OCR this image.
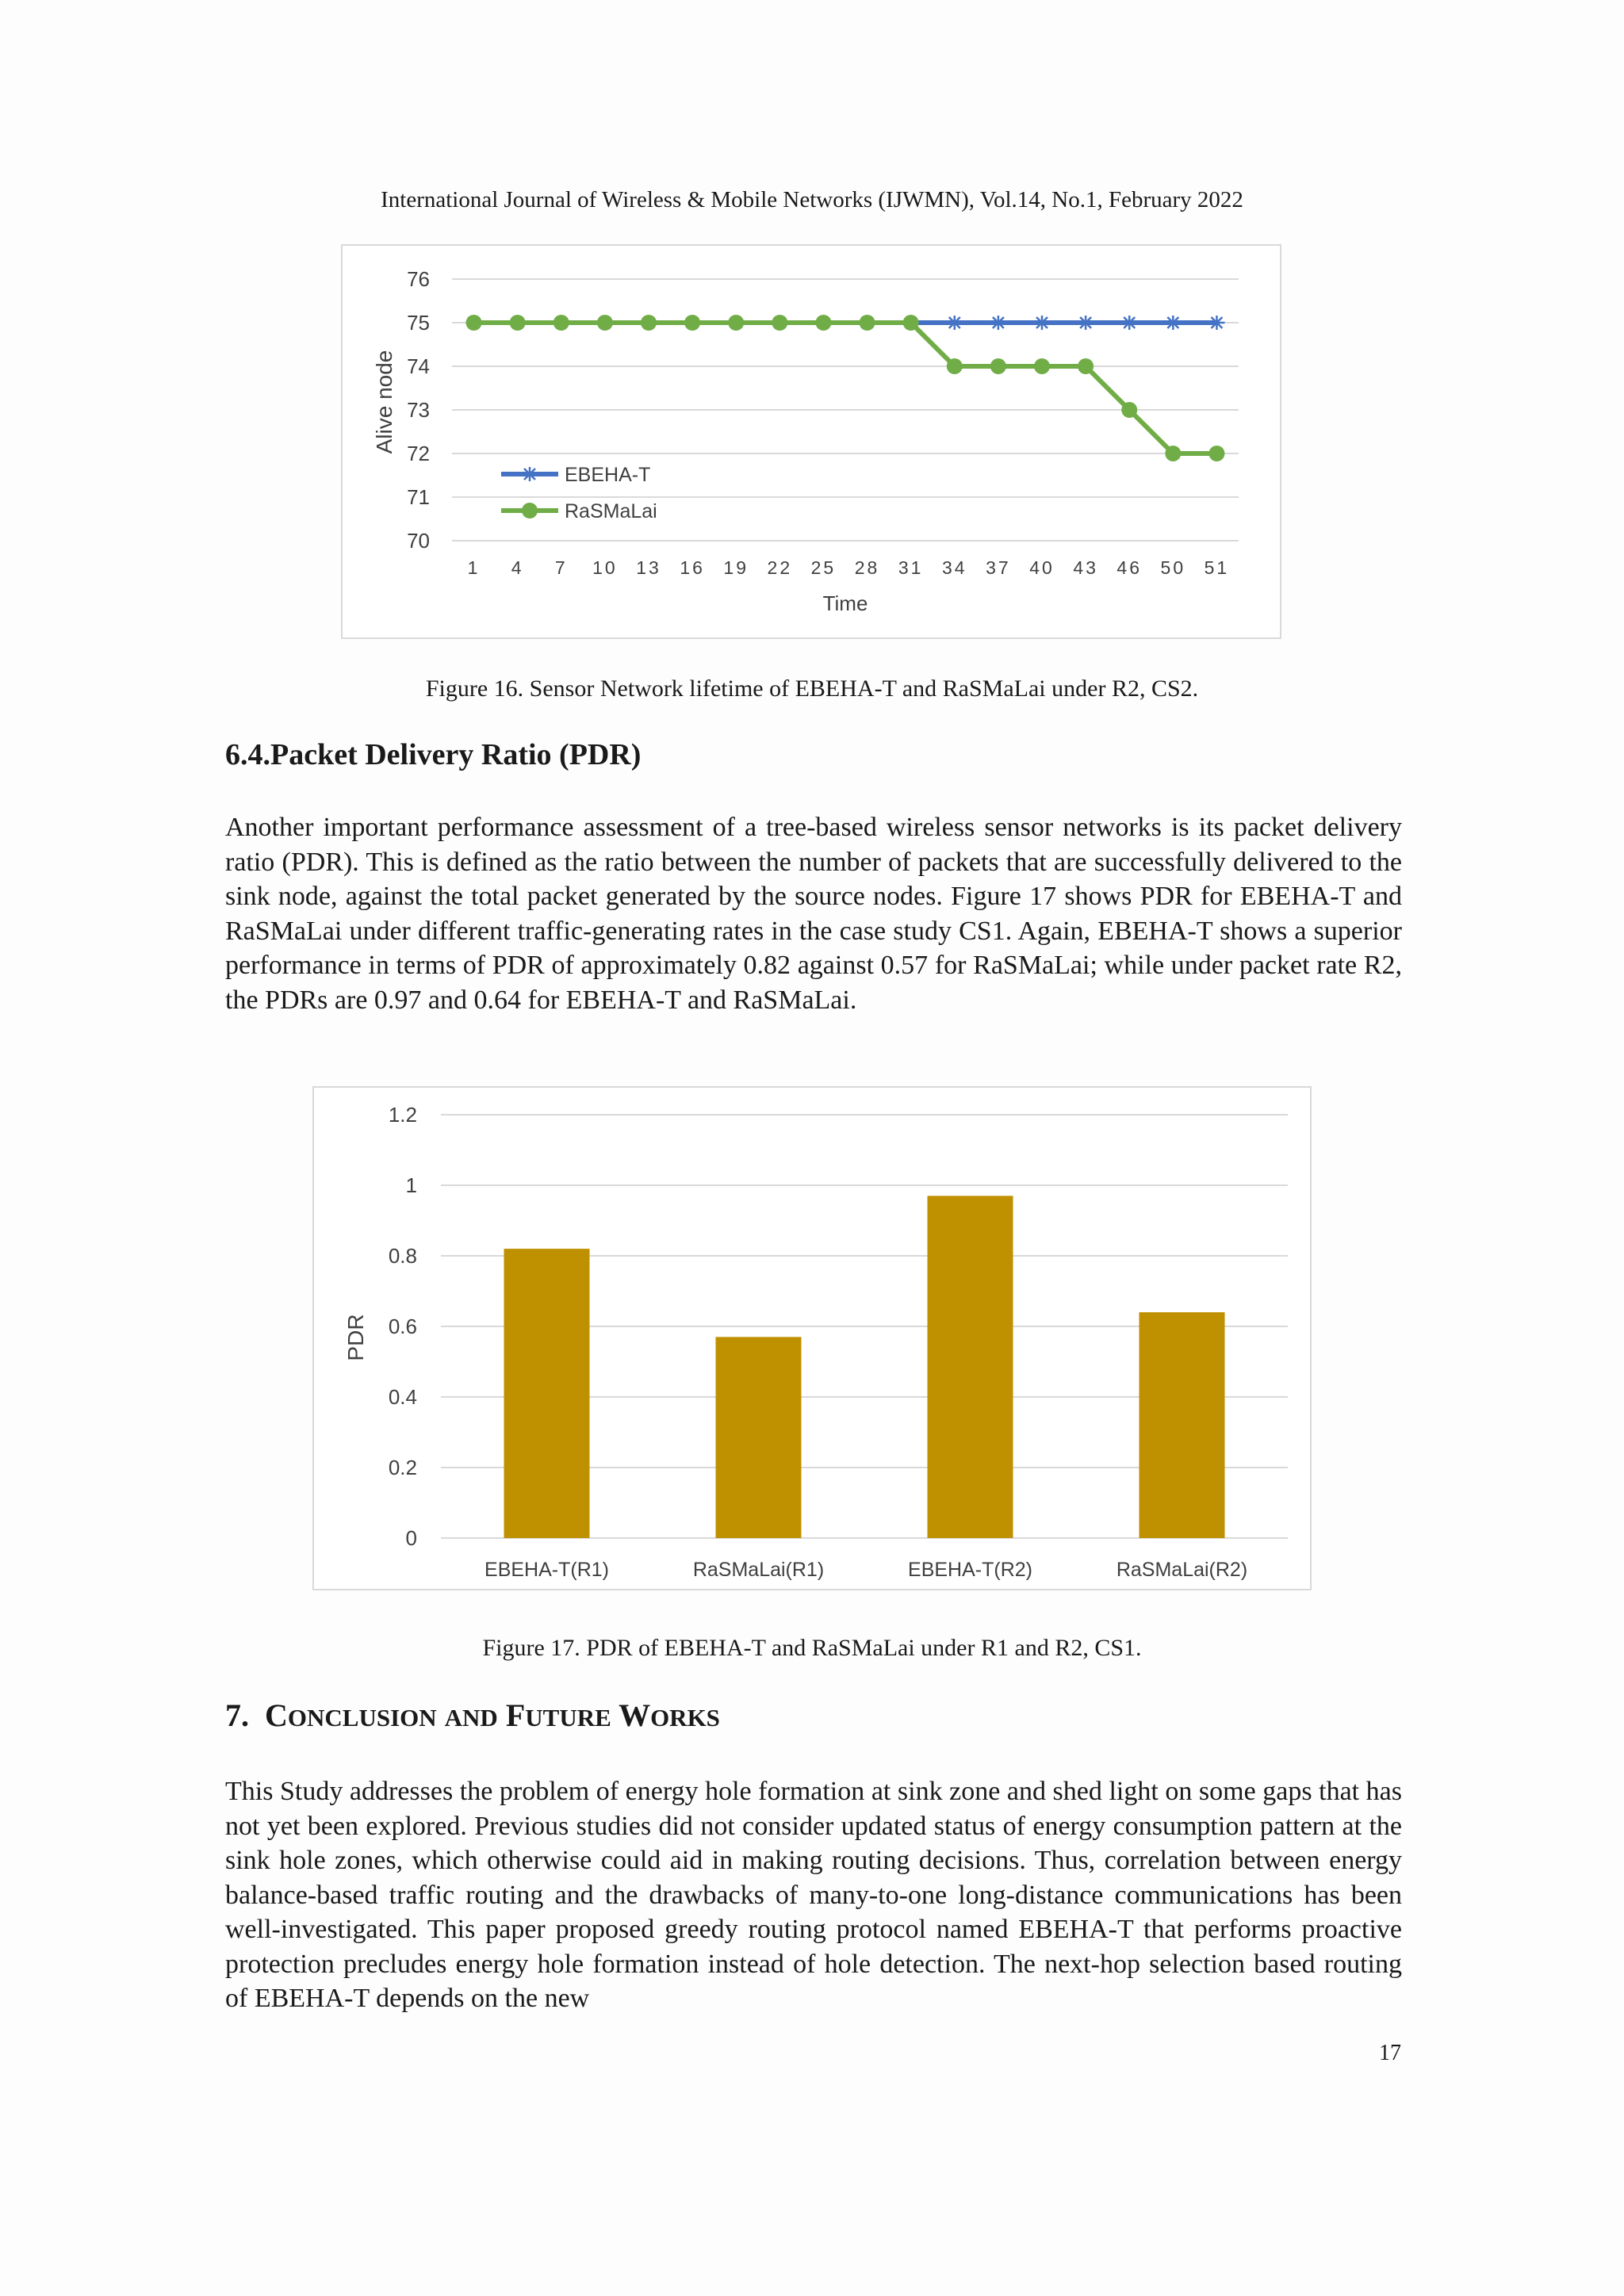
International Journal of Wireless & Mobile Networks (IJWMN), Vol.14, No.1, February 2022
70
71
72
73
74
75
76
1 4 7 10 13 16 19 22 25 28 31 34 37 40 43 46 50 51
Time
Alive node
EBEHA-T
RaSMaLai
Figure 16. Sensor Network lifetime of EBEHA-T and RaSMaLai under R2, CS2.
6.4.Packet Delivery Ratio (PDR)

Another important performance assessment of a tree-based wireless sensor networks is its packet delivery ratio (PDR). This is defined as the ratio between the number of packets that are successfully delivered to the sink node, against the total packet generated by the source nodes. Figure 17 shows PDR for EBEHA-T and RaSMaLai under different traffic-generating rates in the case study CS1. Again, EBEHA-T shows a superior performance in terms of PDR of approximately 0.82 against 0.57 for RaSMaLai; while under packet rate R2, the PDRs are 0.97 and 0.64 for EBEHA-T and RaSMaLai.

0
0.2
0.4
0.6
0.8
1
1.2
EBEHA-T(R1)	RaSMaLai(R1)	EBEHA-T(R2)	RaSMaLai(R2)
PDR
Figure 17. PDR of EBEHA-T and RaSMaLai under R1 and R2, CS1.
7. CONCLUSION AND FUTURE WORKS

This Study addresses the problem of energy hole formation at sink zone and shed light on some gaps that has not yet been explored. Previous studies did not consider updated status of energy consumption pattern at the sink hole zones, which otherwise could aid in making routing decisions. Thus, correlation between energy balance-based traffic routing and the drawbacks of many-to-one long-distance communications has been well-investigated. This paper proposed greedy routing protocol named EBEHA-T that performs proactive protection precludes energy hole formation instead of hole detection. The next-hop selection based routing of EBEHA-T depends on the new

17
